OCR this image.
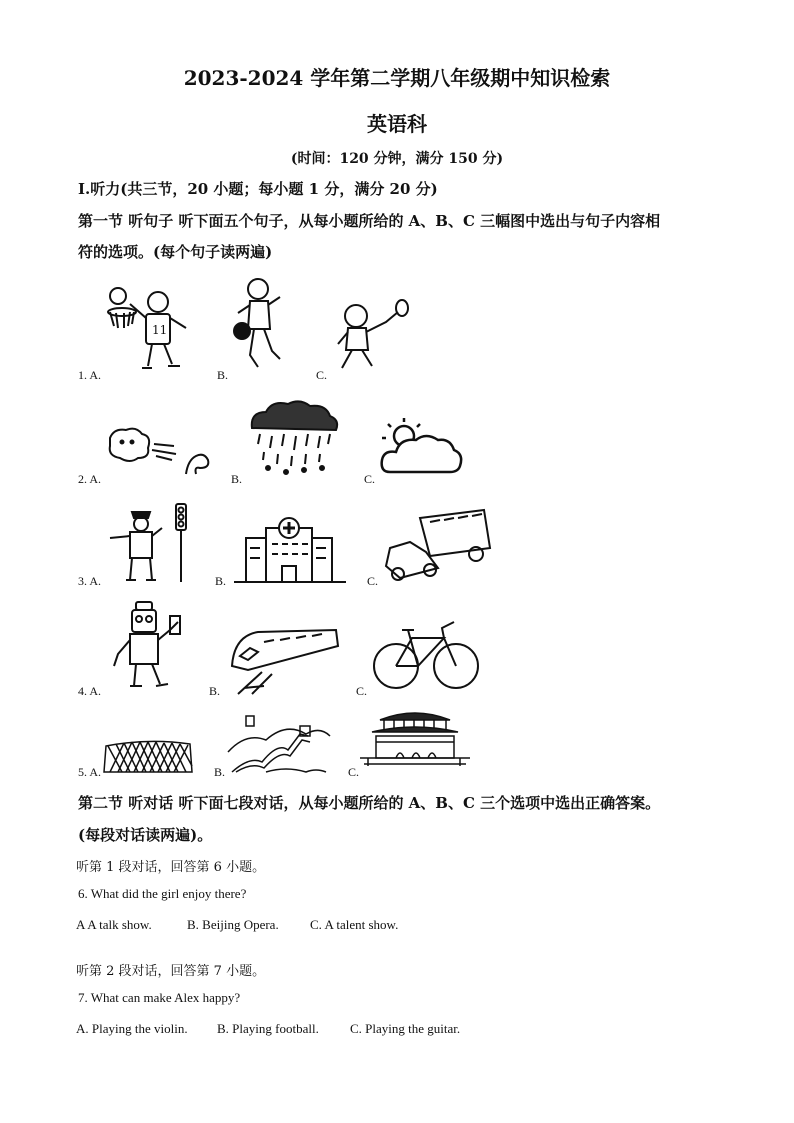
2023-2024 学年第二学期八年级期中知识检索
英语科
(时间：120 分钟，满分 150 分)
Ⅰ.听力(共三节，20 小题；每小题 1 分，满分 20 分)
第一节 听句子 听下面五个句子，从每小题所给的 A、B、C 三幅图中选出与句子内容相
符的选项。(每个句子读两遍)
1. A.	B.	C.
11
2. A.	B.	C.
3. A.	B.	C.
4. A.	B.	C.
5. A.	B.	C.
第二节 听对话 听下面七段对话，从每小题所给的 A、B、C 三个选项中选出正确答案。
(每段对话读两遍)。
听第 1 段对话，回答第 6 小题。
6. What did the girl enjoy there?
A A talk show.	B. Beijing Opera. C. A talent show.
听第 2 段对话，回答第 7 小题。
7. What can make Alex happy?
A. Playing the violin. B. Playing football. C. Playing the guitar.
